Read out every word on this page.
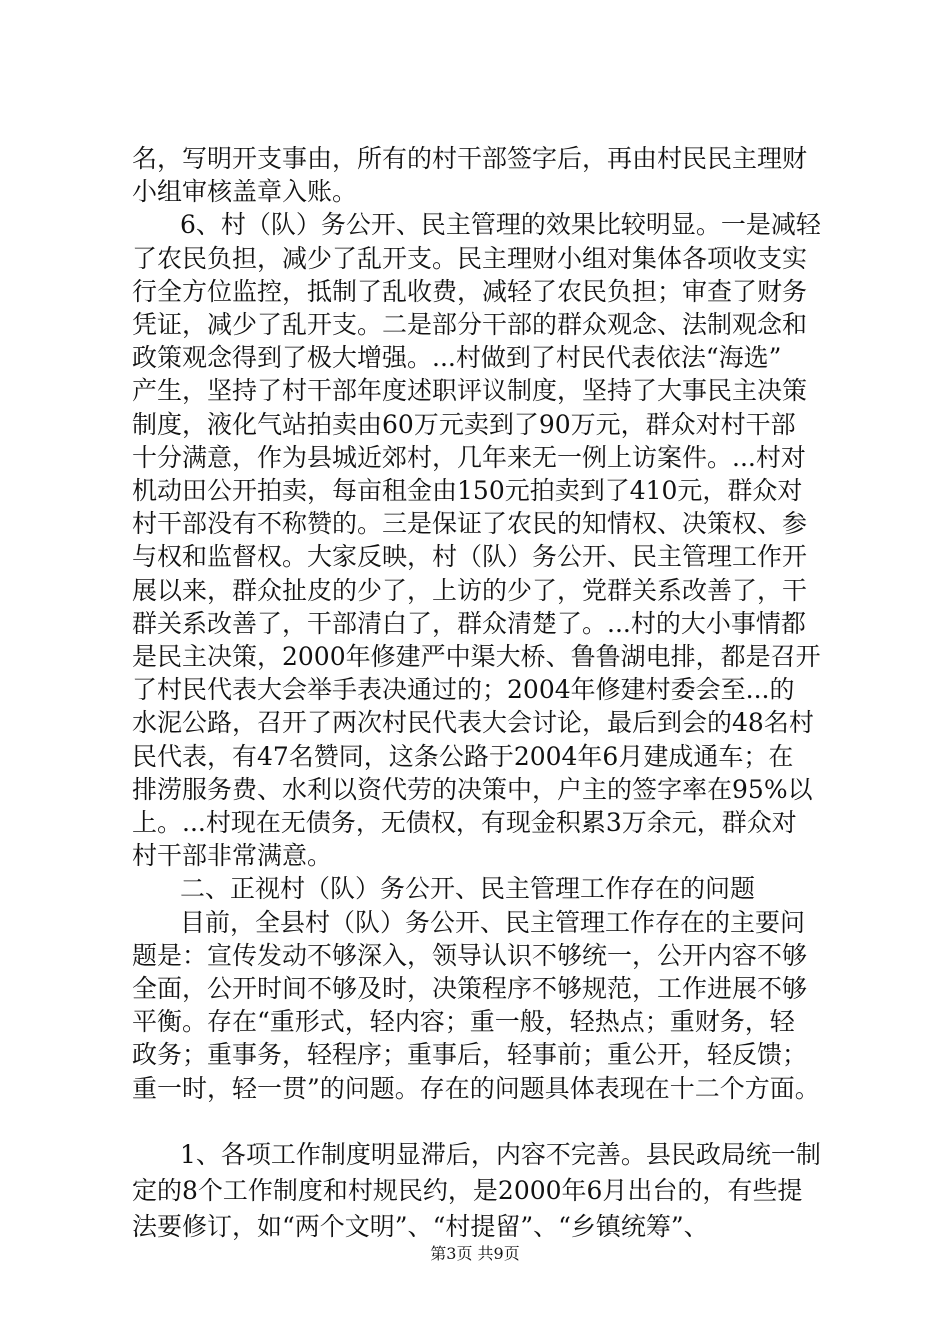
名，写明开支事由，所有的村干部签字后，再由村民民主理财
小组审核盖章入账。
6、村（队）务公开、民主管理的效果比较明显。一是减轻
了农民负担，减少了乱开支。民主理财小组对集体各项收支实
行全方位监控，抵制了乱收费，减轻了农民负担；审查了财务
凭证，减少了乱开支。二是部分干部的群众观念、法制观念和
政策观念得到了极大增强。...村做到了村民代表依法“海选”
产生，坚持了村干部年度述职评议制度，坚持了大事民主决策
制度，液化气站拍卖由60万元卖到了90万元，群众对村干部
十分满意，作为县城近郊村，几年来无一例上访案件。...村对
机动田公开拍卖，每亩租金由150元拍卖到了410元，群众对
村干部没有不称赞的。三是保证了农民的知情权、决策权、参
与权和监督权。大家反映，村（队）务公开、民主管理工作开
展以来，群众扯皮的少了，上访的少了，党群关系改善了，干
群关系改善了，干部清白了，群众清楚了。...村的大小事情都
是民主决策，2000年修建严中渠大桥、鲁鲁湖电排，都是召开
了村民代表大会举手表决通过的；2004年修建村委会至...的
水泥公路，召开了两次村民代表大会讨论，最后到会的48名村
民代表，有47名赞同，这条公路于2004年6月建成通车；在
排涝服务费、水利以资代劳的决策中，户主的签字率在95%以
上。...村现在无债务，无债权，有现金积累3万余元，群众对
村干部非常满意。
二、正视村（队）务公开、民主管理工作存在的问题
目前，全县村（队）务公开、民主管理工作存在的主要问
题是：宣传发动不够深入，领导认识不够统一，公开内容不够
全面，公开时间不够及时，决策程序不够规范，工作进展不够
平衡。存在“重形式，轻内容；重一般，轻热点；重财务，轻
政务；重事务，轻程序；重事后，轻事前；重公开，轻反馈；
重一时，轻一贯”的问题。存在的问题具体表现在十二个方面。
第3页 共9页
1、各项工作制度明显滞后，内容不完善。县民政局统一制
定的8个工作制度和村规民约，是2000年6月出台的，有些提
法要修订，如“两个文明”、“村提留”、“乡镇统筹”、
